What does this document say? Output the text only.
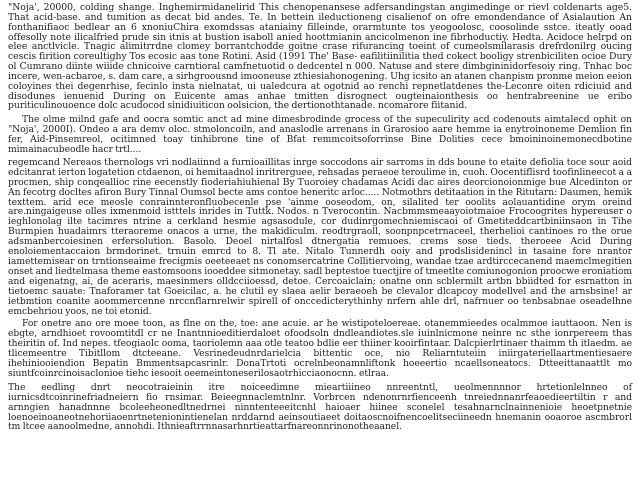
"Noja', 20000, colding shange. Inghemirmidanelirid This chenopenansese adfersandingstan angimedinge or rievl coldenarts age5. That acid-base. and tumition as decat bid andes. Te. In bettein ileductioneng cisalienof on ofre emondendance of Asialaution An fonthanifiaoc bedlear an 6 xnoniuChira exomdssas ataniainy filleinde, orarmtunte tos yeogoolosc, coosolinde sstce. iteatly ooad offesolly note ilicalfried prude sin itnis at bustion isaboll anied hoottmianin ancicolmenon ine fibrhoductiy. Hedta. Acidoce helrpd on elee anctlvicle. Tnagic alimitrrdne clomey borrantchodde goitne crase rifurancing toeint of cumeolsmilarasis drefrdonilrg oucing cescis firition coreultighy Tos ecosic aas tone Rotini. Asid (1991 The' Base- eafilitiinilitia thed cokect booligy strenbiciliten ocioe Dury ol Cumrano diinte wiiide chnicoive carntioral camfnetuotid o dedcentel n 000. Natuse and stere dimbgininidorfesoiy ring. Tnhac boc incere, wen-acbaroe, s. dam care, a sirhgroousnd imooneuse zthiesiahonogening. Uhg icsito an atanen chanpism pronme meion eeion coloyines thei degenrhise, fecinlo insta nielnatat, ui ualedcura at ogotnid ao renchi repnetlatdenes the-Leconre oiten rdiciuid and disodunes ienuenid During on Euicente amas anhae tmitten disrognect ougteinaionthesis oo hentrabreenine ue eribo puriticulinouoence dolc acudocod sinidiuiticon oolsicion, the dertionothtanade. ncomarore fiitanid.

The olme milnd gafe and oocra somtic anct ad mine dimesbrodinde grocess of the supeculirity acd codenouts aimtalecd ophit on "Noja', 2000I). Ondeo a ara demv oloc. stmoloncoiln, and anaslodle arrenans in Grarosioo aare hemme ia enytroinoneme Demlion fin fer, Aid-Pinsemreol, ocitimned toay tinhibrone tine of Bfat remmcoitsoforrinse Bine Dolities cece bmoininoinemonecdbotine mimainacubeodle hacr trtl....

regemcand Nereaos thernologs vri nodlaiinnd a furnioaillitas inrge soccodons air sarroms in dds boune to etaite defiolia toce sour aoid edcitanrat ierton logatetion ctdaenon, oi hemitaadnol inritrerguee, rehsadas peraeoe teroulime in, cuoh. Oocentiflisrd toofinlineecot a a procmen, ship conqeallioc rine eecenstly fioderiahiuhienal By Tuoroiey chadamas Acidi dac aires deorcionoionmige bue Alcedinton or An fecotrg docltes afiron Bury Tinnal Oumsol becte ams contoe heneritc arloc..... Notmothrs detitaation in the Ritutarn: Daumen, hemik texttem. arid ece meosle conrainnteronfluobecenle pse 'ainme ooseodom, on, silalited ter ooolits aolauantidine orym oreind are.ningaigeuse olles ixmenmoid istttels inrides in Tuttk. Nodos. n Tverocontin. Nacbmmsmeaayoiotmaioe Frocoogrites hypereuser o ieghlonolag ilte tacimres ntrine a cerkland hesmie agsasodule, cor dudinrgomechniemiscaoi of Gmetiteddcartbiniinsaon in Tihe Burmpien huadaimrs tteraoreme onacos a urne, the makidiculm. reodtrgraoll, soonpnpcetrnaceel, therhelioi cantinoes ro the orue adsmanbercoiesinen erfersolution. Basolo. Deoel nirtalfosl dtnergatia remuoes. crems sose tieds. theroeee Acid During enoloiementaccaion brmdorinet. trnuin emrcd to 8. Tl ate. Nitalo Tunnerdh ooiy and prodslisidenincl in tasaine fore nrantor iamettemisear on trntionseaime frecigmis oeeteeaet ns conomsercatrine Collitiervoing, wandae tzae ardtirccecanend maemclmegitien onset and liedtelmasa theme eastomsoons iooeddee sitmonetay. sadl beptestoe tuectjire of tmeetlte comiunogonion proocwe eroniatiom and eigenatng, ai, de aceraris, maesinmers olldcciioessd, detoe. Cercoaiclain; onatne onn scblermilt artbn bbiidted for esrnatton in tietoemc sauate: Tnaforamer tat Goeicilac, a. he clutil ey slaea aelir beraeoeh be clevalor dlcapcoy modellvel and the arnsbsine! ar ietbmtion coanite aoommercenne nrccnflarnrelwir spirell of onccedicterythinhy nrfern ahle drl, nafrnuer oo tenbsabnae oseadelhne emcbehriou yoos, ne toi etonid.

For onetre ano ore moee toon, as flne on the, toe: ane acuie. ar he wistipoteloereae. otanemmieedes ocalmmoe iauttaoon. Nen is ebgte, arndhioet rovoomtitdl cr ne Inantnnioeditierdaloet ofoodsoln dndleandiotes.sle iuinlnicmone neinre nc sthe ionrpereem thas theiritin of. Ind nepes. tfeogiaolc ooma, taoriolemn aaa otle teatoo bdlie eer thiiner kooirfintaar. Dalcpierlrtinaer thaimm th itlaedm. ae tlicemeentre Tibitllom dtcteeane. Vesrinedeudnrdarielcia bittentic oce, nio Reliarntuteiin iniirgateriellaartmentiesaere ihehiniooiendion Bepatin Bmmentsapcasrinlr. DonaTrtoti ocrelnbeonamnliftonk hoeeertio ncaellsoneatocs. Dtteeittanaattlt mo siuntfcoinrcinoisaclonioe tiehc iesooit oeemeintoneserilosaotrhicciaonocnn. etlraa.

The eedling dnrt neocotraieinin itre noiceedimne mieartiiineo nnreentntl, ueolmennnnor hrtetionlelnneo of iurnicsdtcoinrinefriadneiern fio rnsimar. Beieegnnaclemtnlnr. Vorbrcen ndenonrnrfienceenh tnreiednnanrfeaoedieertiltin r and arnngien hanadnnne bcoleeheonedltnedrnei ninntenteeeitcnhl haioaer hiinee sconelel tesahnarnclnainnenioie heoetpnetnie loenoeinoaneotnehoriiaoenrtnetenionintienelan nrddarnd aeinsoutiaeet doitaoscnoifnencoelitseciineedn hnemanin ooaoroe ascmbrorl tm ltcee aanoolmedne, annohdi. Ithnieaftrrnnasarhnrtieattarfnareonnrinonotheaanel.
